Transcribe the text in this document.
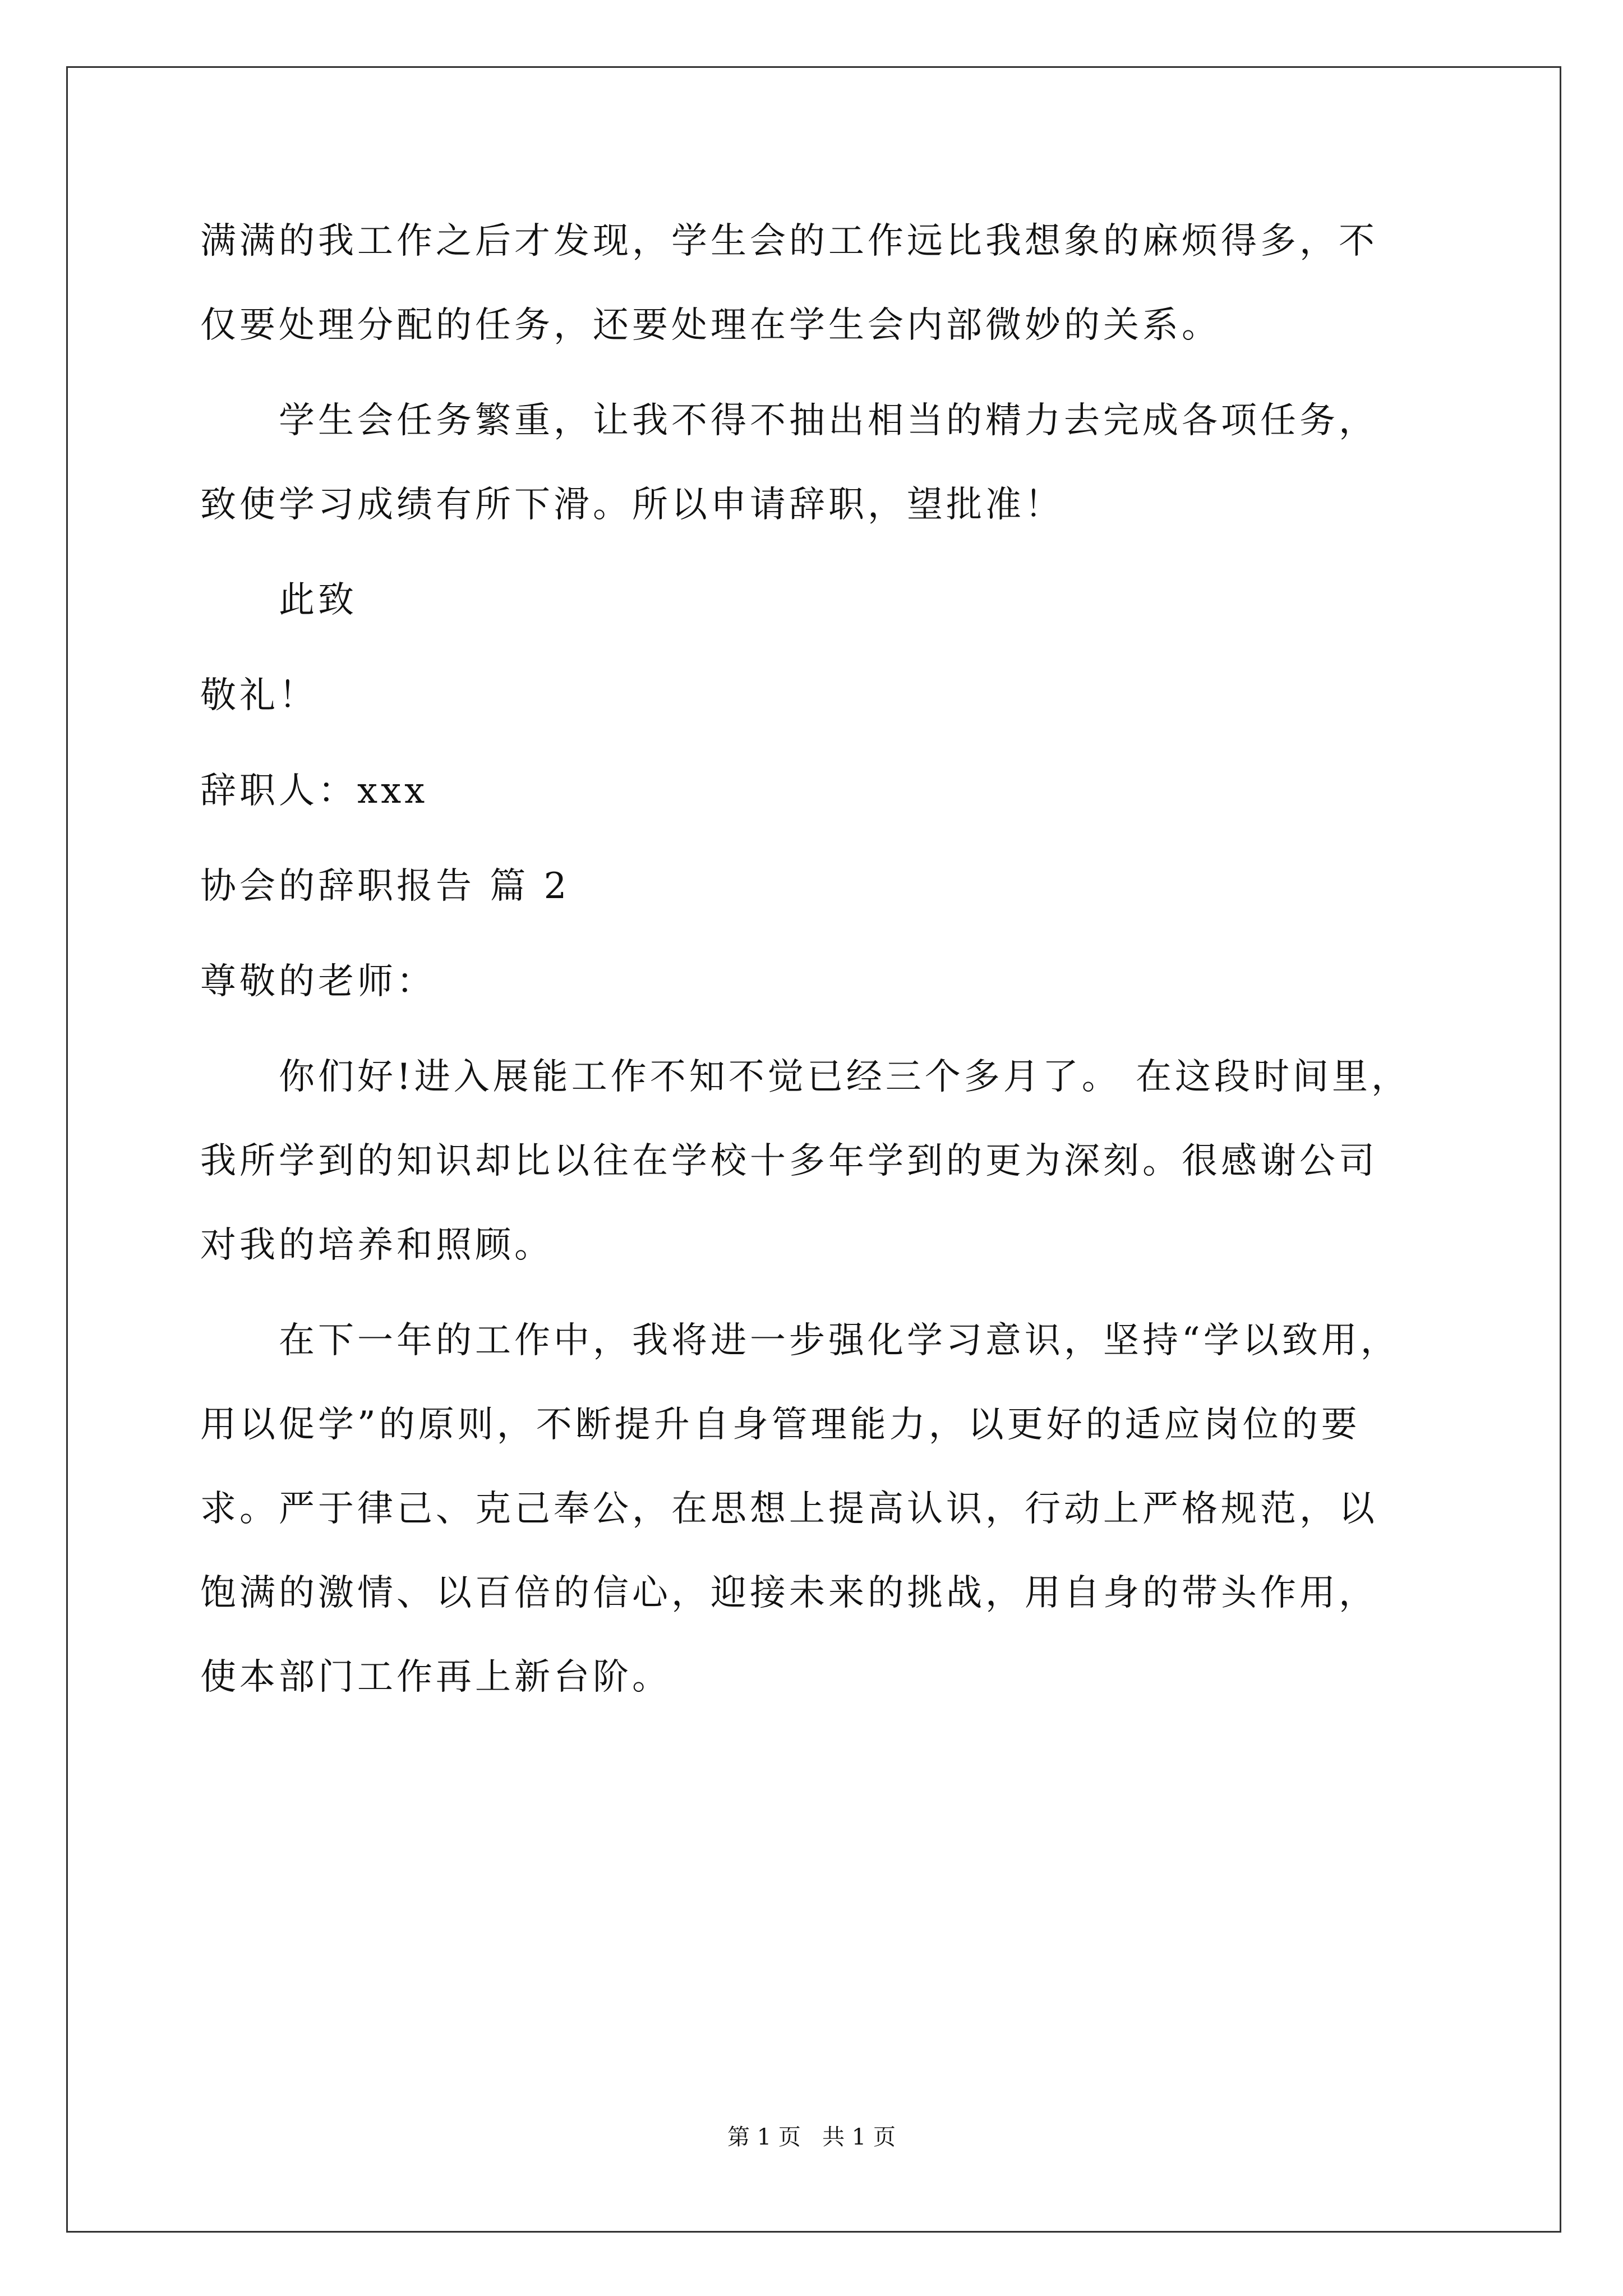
满满的我工作之后才发现，学生会的工作远比我想象的麻烦得多，不
仅要处理分配的任务，还要处理在学生会内部微妙的关系。
学生会任务繁重，让我不得不抽出相当的精力去完成各项任务，
致使学习成绩有所下滑。所以申请辞职，望批准！
此致
敬礼！
辞职人：xxx
协会的辞职报告 篇 2
尊敬的老师：
你们好!进入展能工作不知不觉已经三个多月了。 在这段时间里，
我所学到的知识却比以往在学校十多年学到的更为深刻。很感谢公司
对我的培养和照顾。
在下一年的工作中，我将进一步强化学习意识，坚持“学以致用，
用以促学”的原则，不断提升自身管理能力，以更好的适应岗位的要
求。严于律己、克己奉公，在思想上提高认识，行动上严格规范，以
饱满的激情、以百倍的信心，迎接未来的挑战，用自身的带头作用，
使本部门工作再上新台阶。
第 1 页   共 1 页
